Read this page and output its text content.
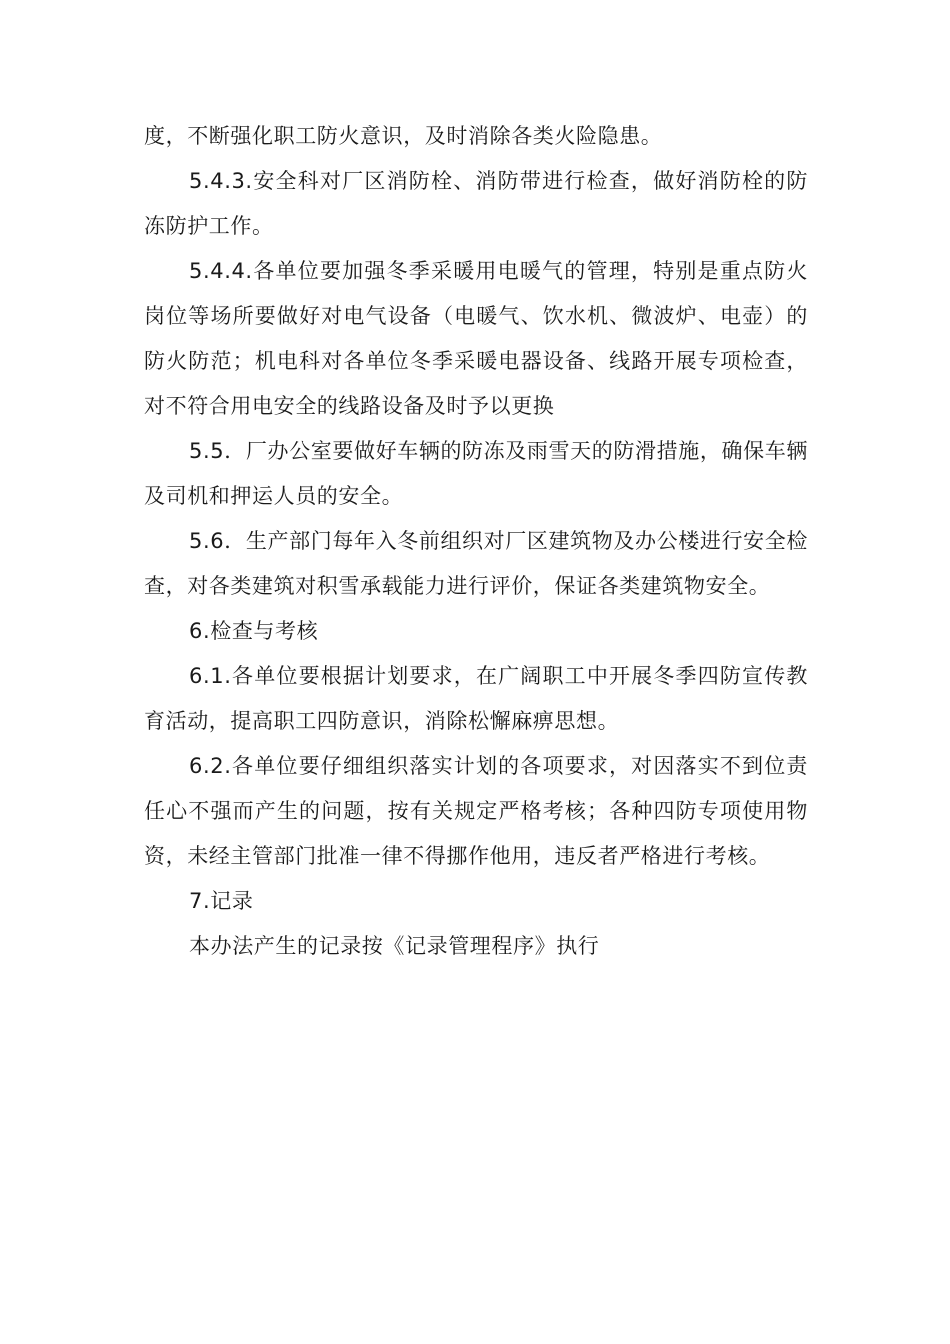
度，不断强化职工防火意识，及时消除各类火险隐患。

5.4.3.安全科对厂区消防栓、消防带进行检查，做好消防栓的防冻防护工作。

5.4.4.各单位要加强冬季采暖用电暖气的管理，特别是重点防火岗位等场所要做好对电气设备（电暖气、饮水机、微波炉、电壶）的防火防范；机电科对各单位冬季采暖电器设备、线路开展专项检查，对不符合用电安全的线路设备及时予以更换

5.5．厂办公室要做好车辆的防冻及雨雪天的防滑措施，确保车辆及司机和押运人员的安全。

5.6．生产部门每年入冬前组织对厂区建筑物及办公楼进行安全检查，对各类建筑对积雪承载能力进行评价，保证各类建筑物安全。

6.检查与考核

6.1.各单位要根据计划要求，在广阔职工中开展冬季四防宣传教育活动，提高职工四防意识，消除松懈麻痹思想。

6.2.各单位要仔细组织落实计划的各项要求，对因落实不到位责任心不强而产生的问题，按有关规定严格考核；各种四防专项使用物资，未经主管部门批准一律不得挪作他用，违反者严格进行考核。

7.记录

本办法产生的记录按《记录管理程序》执行
